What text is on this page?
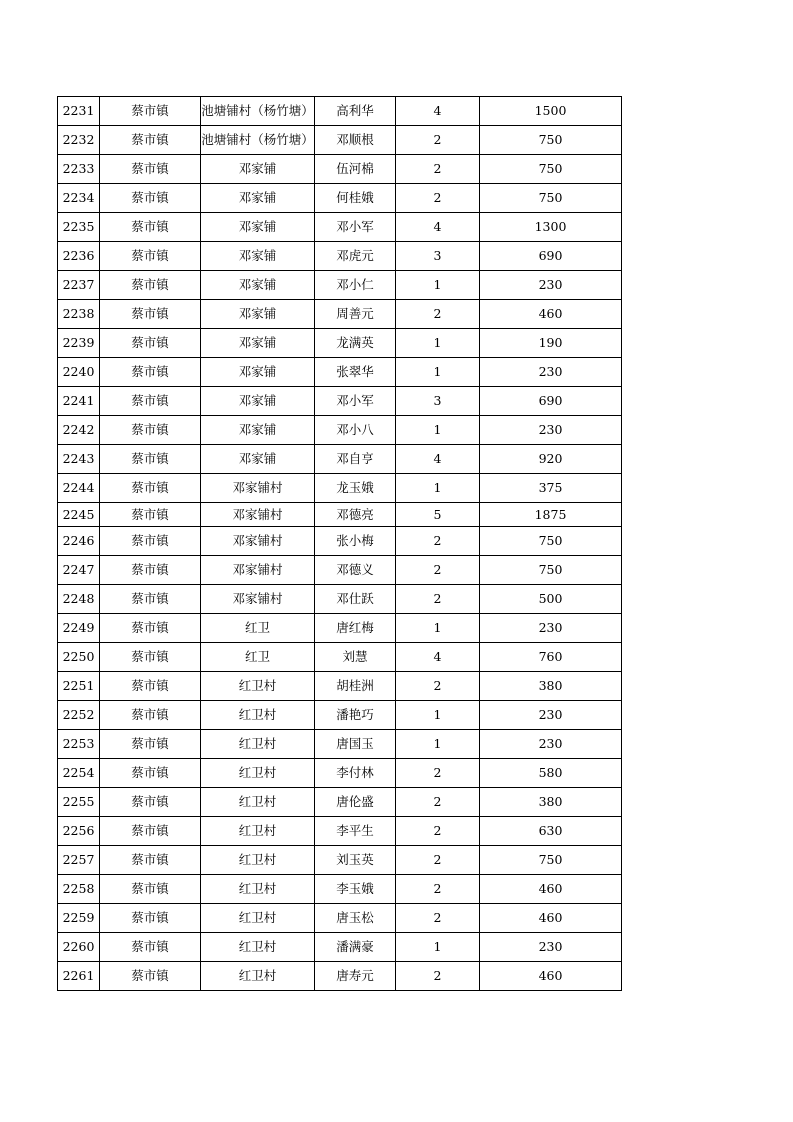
2231	蔡市镇	池塘铺村（杨竹塘）	高利华	4	1500
2232	蔡市镇	池塘铺村（杨竹塘）	邓顺根	2	750
2233	蔡市镇	邓家铺	伍河棉	2	750
2234	蔡市镇	邓家铺	何桂娥	2	750
2235	蔡市镇	邓家铺	邓小军	4	1300
2236	蔡市镇	邓家铺	邓虎元	3	690
2237	蔡市镇	邓家铺	邓小仁	1	230
2238	蔡市镇	邓家铺	周善元	2	460
2239	蔡市镇	邓家铺	龙满英	1	190
2240	蔡市镇	邓家铺	张翠华	1	230
2241	蔡市镇	邓家铺	邓小军	3	690
2242	蔡市镇	邓家铺	邓小八	1	230
2243	蔡市镇	邓家铺	邓自亨	4	920
2244	蔡市镇	邓家铺村	龙玉娥	1	375
2245	蔡市镇	邓家铺村	邓德亮	5	1875
2246	蔡市镇	邓家铺村	张小梅	2	750
2247	蔡市镇	邓家铺村	邓德义	2	750
2248	蔡市镇	邓家铺村	邓仕跃	2	500
2249	蔡市镇	红卫	唐红梅	1	230
2250	蔡市镇	红卫	刘慧	4	760
2251	蔡市镇	红卫村	胡桂洲	2	380
2252	蔡市镇	红卫村	潘艳巧	1	230
2253	蔡市镇	红卫村	唐国玉	1	230
2254	蔡市镇	红卫村	李付林	2	580
2255	蔡市镇	红卫村	唐伦盛	2	380
2256	蔡市镇	红卫村	李平生	2	630
2257	蔡市镇	红卫村	刘玉英	2	750
2258	蔡市镇	红卫村	李玉娥	2	460
2259	蔡市镇	红卫村	唐玉松	2	460
2260	蔡市镇	红卫村	潘满豪	1	230
2261	蔡市镇	红卫村	唐寿元	2	460
